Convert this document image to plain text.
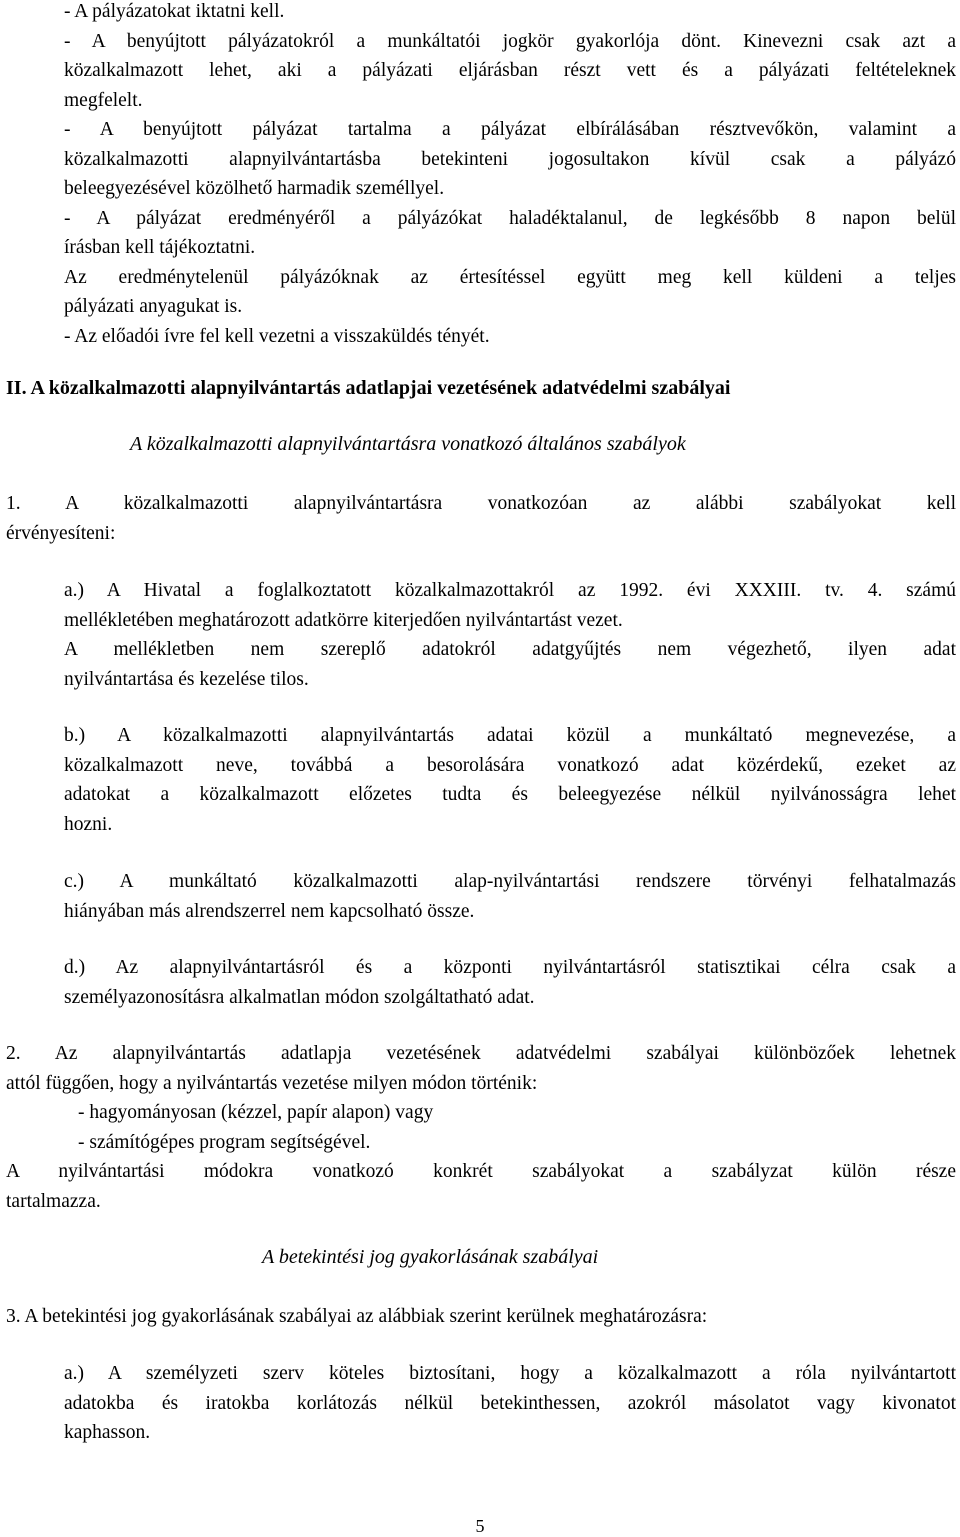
- A pályázatokat iktatni kell.
- A benyújtott pályázatokról a munkáltatói jogkör gyakorlója dönt. Kinevezni csak azt a
közalkalmazott lehet, aki a pályázati eljárásban részt vett és a pályázati feltételeknek
megfelelt.
- A benyújtott pályázat tartalma a pályázat elbírálásában résztvevőkön, valamint a
közalkalmazotti alapnyilvántartásba betekinteni jogosultakon kívül csak a pályázó
beleegyezésével közölhető harmadik személlyel.
- A pályázat eredményéről a pályázókat haladéktalanul, de legkésőbb 8 napon belül
írásban kell tájékoztatni.
Az eredménytelenül pályázóknak az értesítéssel együtt meg kell küldeni a teljes
pályázati anyagukat is.
- Az előadói ívre fel kell vezetni a visszaküldés tényét.
II. A közalkalmazotti alapnyilvántartás adatlapjai vezetésének adatvédelmi szabályai
A közalkalmazotti alapnyilvántartásra vonatkozó általános szabályok
1. A közalkalmazotti alapnyilvántartásra vonatkozóan az alábbi szabályokat kell
érvényesíteni:
a.) A Hivatal a foglalkoztatott közalkalmazottakról az 1992. évi XXXIII. tv. 4. számú
mellékletében meghatározott adatkörre kiterjedően nyilvántartást vezet.
A mellékletben nem szereplő adatokról adatgyűjtés nem végezhető, ilyen adat
nyilvántartása és kezelése tilos.
b.) A közalkalmazotti alapnyilvántartás adatai közül a munkáltató megnevezése, a
közalkalmazott neve, továbbá a besorolására vonatkozó adat közérdekű, ezeket az
adatokat a közalkalmazott előzetes tudta és beleegyezése nélkül nyilvánosságra lehet
hozni.
c.) A munkáltató közalkalmazotti alap-nyilvántartási rendszere törvényi felhatalmazás
hiányában más alrendszerrel nem kapcsolható össze.
d.) Az alapnyilvántartásról és a központi nyilvántartásról statisztikai célra csak a
személyazonosításra alkalmatlan módon szolgáltatható adat.
2. Az alapnyilvántartás adatlapja vezetésének adatvédelmi szabályai különbözőek lehetnek
attól függően, hogy a nyilvántartás vezetése milyen módon történik:
- hagyományosan (kézzel, papír alapon) vagy
- számítógépes program segítségével.
A nyilvántartási módokra vonatkozó konkrét szabályokat a szabályzat külön része
tartalmazza.
A betekintési jog gyakorlásának szabályai
3. A betekintési jog gyakorlásának szabályai az alábbiak szerint kerülnek meghatározásra:
a.) A személyzeti szerv köteles biztosítani, hogy a közalkalmazott a róla nyilvántartott
adatokba és iratokba korlátozás nélkül betekinthessen, azokról másolatot vagy kivonatot
kaphasson.
5
